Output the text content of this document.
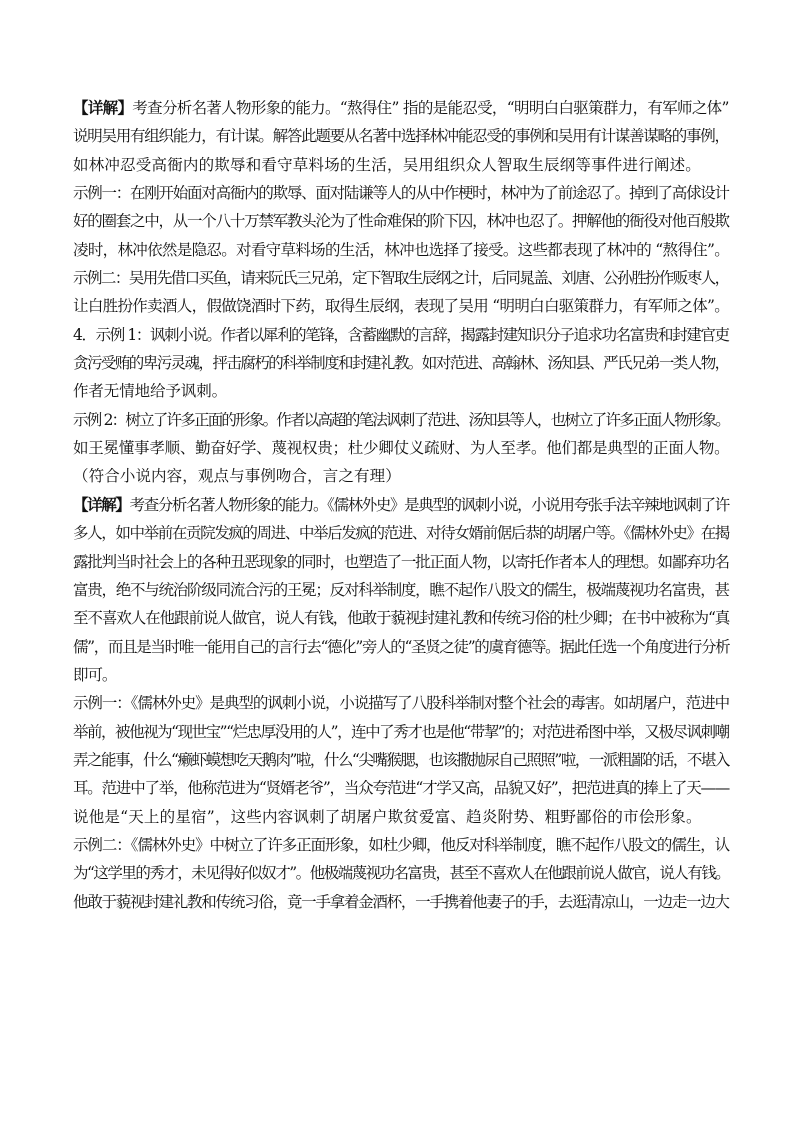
【详解】考查分析名著人物形象的能力。“熬得住” 指的是能忍受，“明明白白驱策群力，有军师之体”

说明吴用有组织能力，有计谋。解答此题要从名著中选择林冲能忍受的事例和吴用有计谋善谋略的事例，

如林冲忍受高衙内的欺辱和看守草料场的生活，吴用组织众人智取生辰纲等事件进行阐述。

示例一：在刚开始面对高衙内的欺辱、面对陆谦等人的从中作梗时，林冲为了前途忍了。掉到了高俅设计

好的圈套之中，从一个八十万禁军教头沦为了性命难保的阶下囚，林冲也忍了。押解他的衙役对他百般欺

凌时，林冲依然是隐忍。对看守草料场的生活，林冲也选择了接受。这些都表现了林冲的 “熬得住”。

示例二：吴用先借口买鱼，请来阮氏三兄弟，定下智取生辰纲之计，后同晁盖、刘唐、公孙胜扮作贩枣人，

让白胜扮作卖酒人，假做饶酒时下药，取得生辰纲，表现了吴用 “明明白白驱策群力，有军师之体”。

4．示例 1：讽刺小说。作者以犀利的笔锋，含蓄幽默的言辞，揭露封建知识分子追求功名富贵和封建官吏

贪污受贿的卑污灵魂，抨击腐朽的科举制度和封建礼教。如对范进、高翰林、汤知县、严氏兄弟一类人物，

作者无情地给予讽刺。

示例 2：树立了许多正面的形象。作者以高超的笔法讽刺了范进、汤知县等人，也树立了许多正面人物形象。

如王冕懂事孝顺、勤奋好学、蔑视权贵；杜少卿仗义疏财、为人至孝。他们都是典型的正面人物。

（符合小说内容，观点与事例吻合，言之有理）

【详解】考查分析名著人物形象的能力。《儒林外史》是典型的讽刺小说，小说用夸张手法辛辣地讽刺了许

多人，如中举前在贡院发疯的周进、中举后发疯的范进、对待女婿前倨后恭的胡屠户等。《儒林外史》在揭

露批判当时社会上的各种丑恶现象的同时，也塑造了一批正面人物，以寄托作者本人的理想。如鄙弃功名

富贵，绝不与统治阶级同流合污的王冕；反对科举制度，瞧不起作八股文的儒生，极端蔑视功名富贵，甚

至不喜欢人在他跟前说人做官，说人有钱，他敢于藐视封建礼教和传统习俗的杜少卿；在书中被称为“真

儒”，而且是当时唯一能用自己的言行去“德化”旁人的“圣贤之徒”的虞育德等。据此任选一个角度进行分析

即可。

示例一：《儒林外史》是典型的讽刺小说，小说描写了八股科举制对整个社会的毒害。如胡屠户，范进中

举前，被他视为“现世宝”“烂忠厚没用的人”，连中了秀才也是他“带挈”的；对范进希图中举，又极尽讽刺嘲

弄之能事，什么“癞虾蟆想吃天鹅肉”啦，什么“尖嘴猴腮，也该撒抛尿自己照照”啦，一派粗鄙的话，不堪入

耳。范进中了举，他称范进为“贤婿老爷”，当众夸范进“才学又高，品貌又好”，把范进真的捧上了天——

说他是“天上的星宿”，这些内容讽刺了胡屠户欺贫爱富、趋炎附势、粗野鄙俗的市侩形象。

示例二：《儒林外史》中树立了许多正面形象，如杜少卿，他反对科举制度，瞧不起作八股文的儒生，认

为“这学里的秀才，未见得好似奴才”。他极端蔑视功名富贵，甚至不喜欢人在他跟前说人做官，说人有钱。

他敢于藐视封建礼教和传统习俗，竟一手拿着金酒杯，一手携着他妻子的手，去逛清凉山，一边走一边大
